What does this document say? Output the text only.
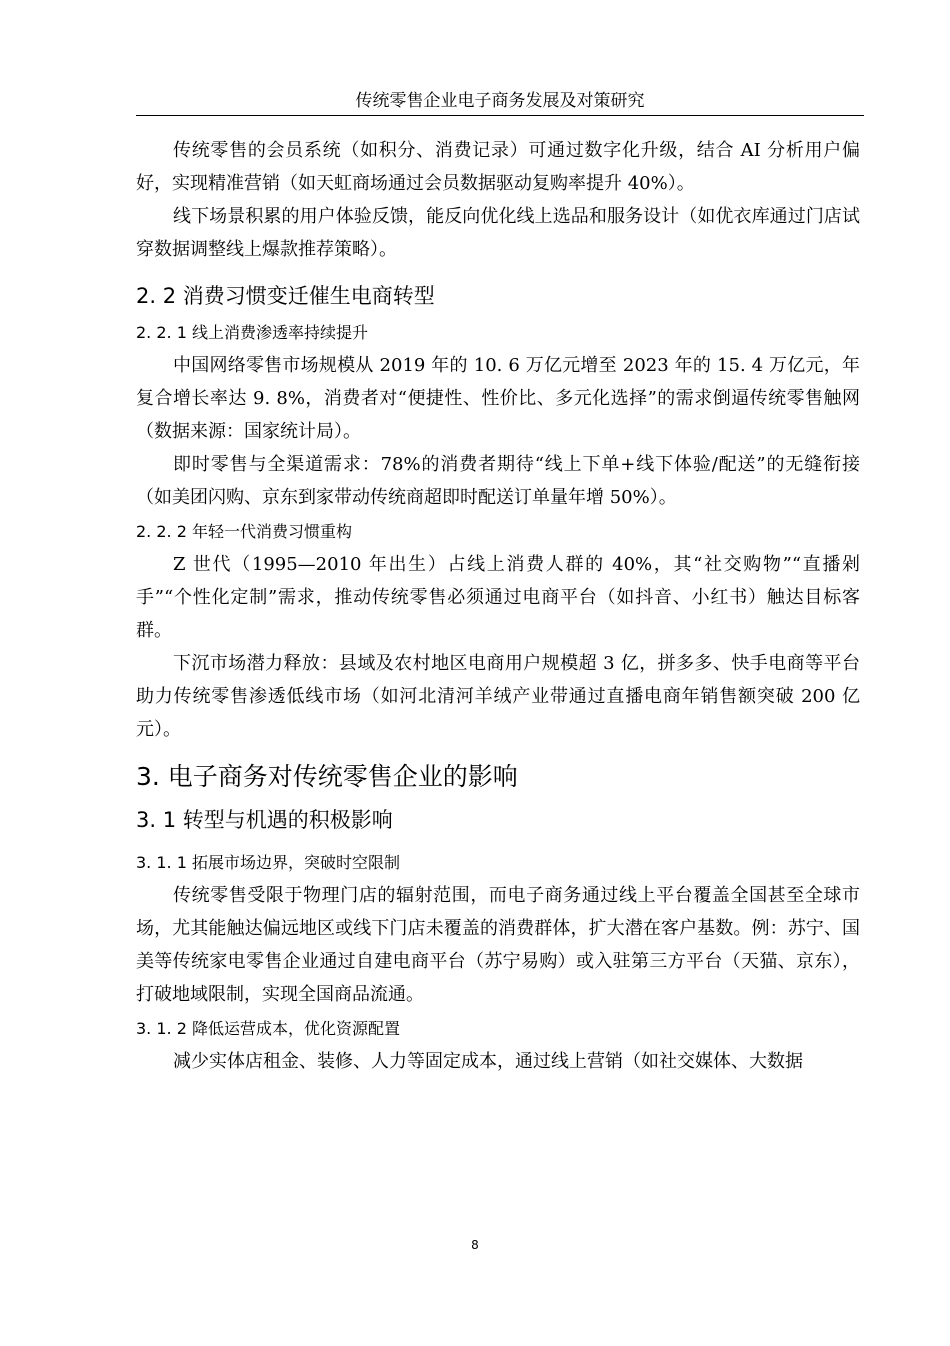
传统零售企业电子商务发展及对策研究

传统零售的会员系统（如积分、消费记录）可通过数字化升级，结合 AI 分析用户偏好，实现精准营销（如天虹商场通过会员数据驱动复购率提升 40%）。

线下场景积累的用户体验反馈，能反向优化线上选品和服务设计（如优衣库通过门店试穿数据调整线上爆款推荐策略）。

2. 2 消费习惯变迁催生电商转型
2. 2. 1 线上消费渗透率持续提升

中国网络零售市场规模从 2019 年的 10. 6 万亿元增至 2023 年的 15. 4 万亿元，年复合增长率达 9. 8%，消费者对“便捷性、性价比、多元化选择”的需求倒逼传统零售触网（数据来源：国家统计局）。

即时零售与全渠道需求：78%的消费者期待“线上下单+线下体验/配送”的无缝衔接（如美团闪购、京东到家带动传统商超即时配送订单量年增 50%）。

2. 2. 2 年轻一代消费习惯重构

Z 世代（1995—2010 年出生）占线上消费人群的 40%，其“社交购物”“直播剁手”“个性化定制”需求，推动传统零售必须通过电商平台（如抖音、小红书）触达目标客群。

下沉市场潜力释放：县域及农村地区电商用户规模超 3 亿，拼多多、快手电商等平台助力传统零售渗透低线市场（如河北清河羊绒产业带通过直播电商年销售额突破 200 亿元）。

3. 电子商务对传统零售企业的影响
3. 1 转型与机遇的积极影响
3. 1. 1 拓展市场边界，突破时空限制

传统零售受限于物理门店的辐射范围，而电子商务通过线上平台覆盖全国甚至全球市场，尤其能触达偏远地区或线下门店未覆盖的消费群体，扩大潜在客户基数。例：苏宁、国美等传统家电零售企业通过自建电商平台（苏宁易购）或入驻第三方平台（天猫、京东），打破地域限制，实现全国商品流通。

3. 1. 2 降低运营成本，优化资源配置

减少实体店租金、装修、人力等固定成本，通过线上营销（如社交媒体、大数据

8
